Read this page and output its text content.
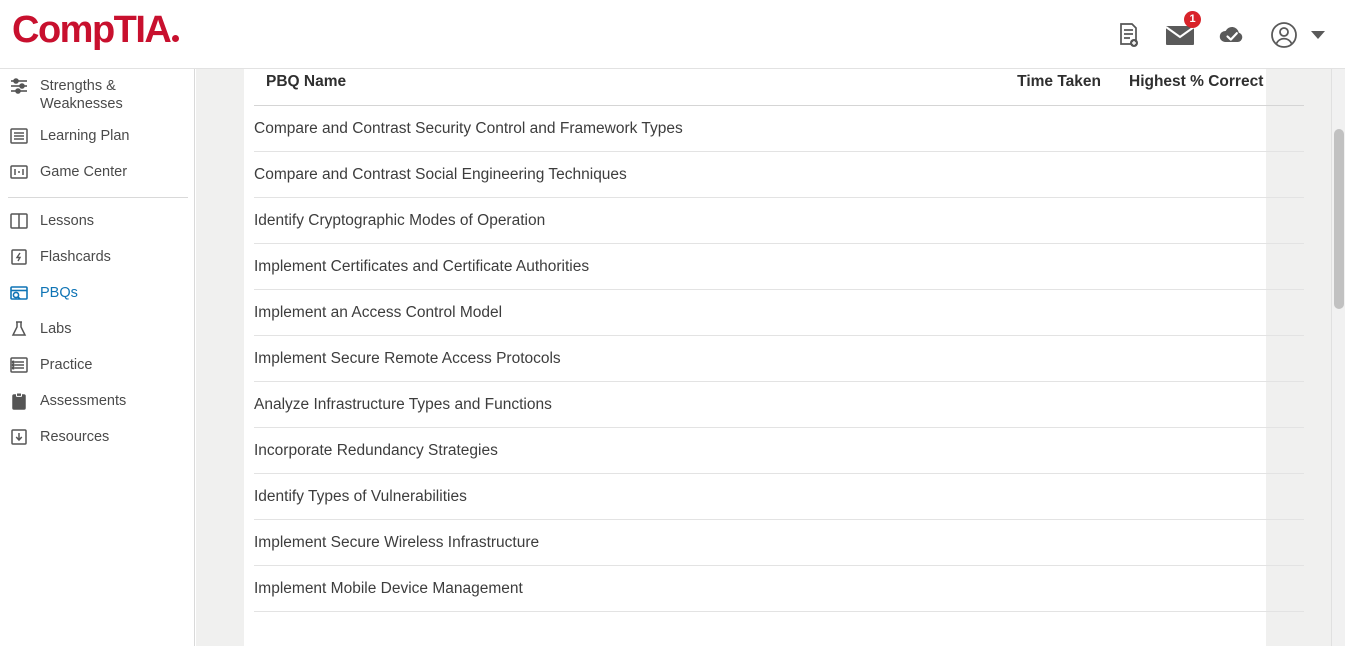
CompTIA	1
Strengths & Weaknesses
Learning Plan
Game Center
Lessons
Flashcards
PBQs
Labs
Practice
Assessments
Resources
PBQ Name	Time Taken	Highest % Correct
Compare and Contrast Security Control and Framework Types		
Compare and Contrast Social Engineering Techniques		
Identify Cryptographic Modes of Operation		
Implement Certificates and Certificate Authorities		
Implement an Access Control Model		
Implement Secure Remote Access Protocols		
Analyze Infrastructure Types and Functions		
Incorporate Redundancy Strategies		
Identify Types of Vulnerabilities		
Implement Secure Wireless Infrastructure		
Implement Mobile Device Management		
